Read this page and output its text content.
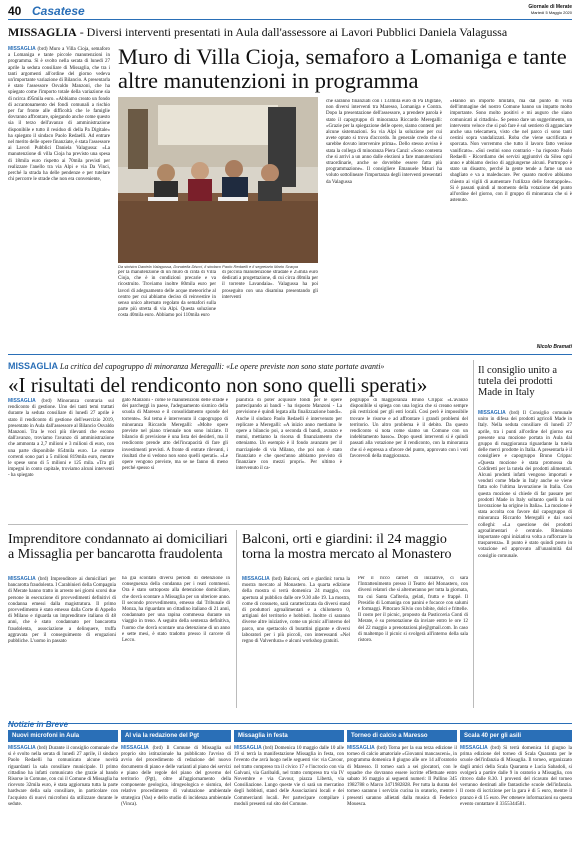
40 Casatese	Giornale di Merate
Martedì 5 Maggio 2020
MISSAGLIA - Diversi interventi presentati in Aula dall'assessore ai Lavori Pubblici Daniela Valagussa
MISSAGLIA (brd) Muro a Villa Cioja, semaforo a Lomaniga e tante piccole manutenzioni in programma. Si è svolto nella serata di lunedì 27 aprile la seduta consiliare di Missaglia, che tra i tanti argomenti all'ordine del giorno vedeva un'importante variazione di Bilancio. A presentarla è stato l'assessore Osvaldo Manzoni, che ha spiegato come l'importo totale della variazione sia di ncirca 495mila euro. «Abbiamo creato un fondo di accantonamento dei fondi comunali a rischio per far fronte alle difficoltà che le famiglie dovranno affrontare, spiegando anche come questo sia il terzo dell'avanzo di amministrazione disponibile e tutto il residuo di della Pa Digitale» ha spiegato il sindaco Paolo Redaelli. Ad entrare nel merito delle opere finanziate, è stata l'assessore ai Lavori Pubblici Daniela Valagussa: «La manutenzione di villa Cioja ha previsto una spesa di 18mila euro rispetto ai 70mila previsti per realizzare l'anello tra via Alpi e via Da Vinci, perché la strada ha delle pendenze e per tutelare chi percorre le strade che non era conveniente,
Muro di Villa Cioja, semaforo a Lomaniga e tante altre manutenzioni in programma
Da sinistra Daniela Valagussa, Donatella Discci, il sindaco Paolo Redaelli e il segretario Mario Scarpa
per la manutenzione di un muro di cinta di Villa Cioja, che è in condizioni precarie e va ricostruito. Troviamo inoltre 80mila euro per lavori di adeguamento delle acque meteoriche al centro per cui abbiamo deciso di reinvestire in senso unico alternato regolato da semafori sulla parte più stretta di via Alpi. Questa soluzione costa 40mila euro. Abbiamo poi 110mila euro
di piccola manutenzione stradale e 25mila euro dedicati a progettazione, di cui circa 40mila per il torrente Lavandaia». Valagussa ha poi proseguito con una disamina presentando gli interventi
che saranno finanziati con i 133mila euro di Pa Digitale, non diversi interventi tra Maresso, Lomaniga e Contra. Dopo la presentazione dell'assessore, a prendere parola è stato il capogruppo di minoranza Riccardo Meregalli: «Grazie per la spiegazione delle opere, siamo contenti per alcune sistemazioni. Su via Alpi la soluzione per cui avete optato si trova d'accordo. In generale credo che si sarebbe dovuto intervenire prima». Dello stesso avviso è stata la collega di minoranza Piera Canzi: «Sono contenta che si arrivi a un anno dalle elezioni a fare manutenzioni straordinarie, anche se dovrebbe essere fatta più programmazione». Il consigliere Emanuele Mauri ha voluto sottolineare l'importanza degli interventi presentati da Valagussa
«Hanno un importo limitato, ma dal punto di vista dell'immagine del nostro Comune hanno un impatto molto importante. Sono molto positivi e mi auguro che siano comunicati ai cittadini». Se penso dare un suggerimento, un intervento veloce che si può fare è sul sentiero di agganciare anche una telecamera, visto che nel parco ci sono tanti cestini sopra vandalizzati. Roba che viene sacrificata e sporcata. Non vorremmo che tutto il lavoro fatto venisse vanificato». «Sui cestini sono contrario - ha risposto Paolo Redaelli - Ricordiamo dei servizi aggiuntivi da Silea ogni anno e abbiamo deciso di aggiungerne alcuni. Purtroppo è stato un disastro, perché la gente tende a farne un uso sbagliato e va a maleducare. Per quanto motivo abbiamo chiesto ai vigili di aumentare l'utilizzo delle fototrappole». Si è passati quindi al momento della votazione del punto all'ordine del giorno, con il gruppo di minoranza che si è astenuto.
Nicolo Bramati
MISSAGLIA La critica del capogruppo di minoranza Meregalli: «Le opere previste non sono state portate avanti»
«I risultati del rendiconto non sono quelli sperati»
MISSAGLIA (brd) Minoranza contraria sul rendiconto di gestione. Uno dei tanti temi trattati durante la seduta consiliare di lunedì 27 aprile è stato il rendiconto di gestione dell'esercizio 2019, presentato in Aula dall'assessore al Bilancio Osvaldo Manzoni. Tra le voci più rilevanti che escono dall'avanzo, troviamo l'avanzo di amministrazione che ammonta a 2,7 milioni e 3 milioni di euro, con una parte disponibile 854mila euro. Le entrate correnti sono pari a 5 milioni 819mila euro, mentre le spese sono di 5 milioni e 125 mila. «Tra gli impegni in conto capitale, troviamo alcuni interventi - ha spiegato
gato Manzoni - come le manutenzioni delle strade e dei parcheggi in paese, l'adeguamento sismico della scuola di Maresso e il consolidamento sponde del torrente». Sul tema è intervenuto il capogruppo di minoranza Riccardo Meregalli: «Molte opere previste nel piano triennale non sono iniziate. Il bilancio di previsione è una lista dei desideri, ma il rendiconto prende atto dell'incapacità di fare gli investimenti previsti. A fronte di entrate rilevanti, i risultati che si vedono non sono quelli sperati». «Le opere vengono previste, ma se ne fanno di meno perché spesso si
pianifica di poter acquisire fondi per le opere partecipando ai bandi - ha risposto Manzoni - La previsione è quindi legata alla finalizzazione bandi». Anche il sindaco Paolo Redaelli è intervenuto per replicare a Meregalli: «A inizio anno mettiamo le opere a bilancio poi, a seconda di bandi, avanzo e mutui, mettiamo la risorsa di finanziamento che otteniamo. Un esempio è il fondo avanzato per il marciapiede di via Milano, che poi non è stato finanziato e che quest'anno abbiamo previsto di finanziare con mezzi propri». Per ultimo è intervenuto il ca-
pogruppo di maggioranza Bruno Crippa: «L'avanzo disponibile si spiega con una logica che si creano sempre più restrizioni per gli enti locali. Così però è impossibile trovare le risorse e ad affrontare i grandi problemi del territorio. Un altro problema è il debito. Da questo rendiconto si nota come siamo un Comune con un indebitamento basso». Dopo questi interventi si è quindi passati alla votazione per il rendiconto, con la minoranza che si è espressa a sfavore del punto, approvato con i voti favorevoli della maggioranza.
Il consiglio unito a tutela dei prodotti Made in Italy
MISSAGLIA (brd) Il Consiglio comunale unito in difesa dei prodotti agricoli Made in Italy. Nella seduta consiliare di lunedì 27 aprile, tra i punti all'ordine del giorno era presente una mozione portata in Aula dal gruppo di maggioranza riguardante la tutela delle merci prodotte in Italia. A presentarla è il consigliere e capogruppo Bruno Crippa: «Questa mozione è stata promossa da Coldiretti per la tutela dei prodotti alimentari. Alcuni prodotti infatti vengono importati e venduti come Made in Italy anche se viene fatta solo l'ultima lavorazione in Italia. Con questa mozione si chiede di far passare per prodotti Made in Italy soltanto quelli la cui lavorazione ha origine in Italia». La mozione è stata accolta con favore dal capogruppo di minoranza Riccardo Meregalli e dai suoi colleghi: «La questione dei prodotti agroalimentari è centrale. Riteniamo importante ogni iniziativa volta a rafforzare la trasparenza». Il punto è stato quindi posto in votazione ed approvato all'unanimità dal consiglio comunale.
Imprenditore condannato ai domiciliari a Missaglia per bancarotta fraudolenta
MISSAGLIA (brd) Imprenditore ai domiciliari per bancarotta fraudolenta. I Carabinieri della Compagnia di Merate hanno tratto in arresto nei giorni scorsi due persone in esecuzione di provvedimenti definitivi di condanna emessi dalla magistratura. Il primo provvedimento è stato emesso dalla Corte di Appello di Milano e riguarda un imprenditore italiano di 48 anni, che è stato condannato per bancarotta fraudolenta, associazione a delinquere, truffa aggravata per il conseguimento di erogazioni pubbliche. L'uomo in passato
ha già scontato diversi periodi di detenzione in conseguenza della condanna per i reati commessi. Ora è stato sottoposto alla detenzione domiciliare, che dovrà scontare a Missaglia per un ulteriore anno. Il secondo provvedimento, emesso dal Tribunale di Monza, ha riguardato un cittadino italiano di 21 anni, condannato per una rapina commessa durante un viaggio in treno. A seguito della sentenza definitiva, l'uomo che dovrà scontare una detenzione di un anno e sette mesi, è stato tradotto presso il carcere di Lecco.
Balconi, orti e giardini: il 24 maggio torna la mostra mercato al Monastero
MISSAGLIA (brd) Balconi, orti e giardini: torna la mostra mercato al Monastero. La quarta edizione della mostra si terrà domenica 24 maggio, con apertura al pubblico dalle ore 9.30 alle 19. La mostra, come di consueto, sarà caratterizzata da diversi stand di produttori agroalimentari e a chilometro 0, artigiani del territorio e hobbisti. Inoltre ci saranno diverse altre iniziative, come un picnic all'interno del parco, uno spettacolo di burattini gigante e diversi laboratori per i più piccoli, con interessanti «Nel regno di Valverdura» e alcuni workshop gratuiti.
Per il ricco carnet di iniziative, ci sarà l'Intrattenimento presso il Teatro del Monastero, con diversi relatori che si alterneranno per tutta la giornata, tra cui Santa Cafiteria, gelati, frutta e frappè. Il Presidio di Lomaniga con panini e focacce con salumi e formaggi. Pittoraro Silvio con bibite, dolci e frittelle. Il costo per il picnic, proposto da Pasticceria Conti di Merate, è su prenotazione da inviare entro le ore 12 del 22 maggio a prenotazioni.ple@gmail.com. In caso di maltempo il picnic si svolgerà all'interno della sala ristoro.
Notizie in Breve
Nuovi microfoni in Aula
MISSAGLIA (brd) Durante il consiglio comunale che si è svolto nella serata di lunedì 27 aprile, il sindaco Paolo Redaelli ha comunicato alcune novità riguardanti la sala consiliare municipale. Il primo cittadino ha infatti comunicato che grazie al bando Risorse in Comune, con cui il Comune di Missaglia ha ricevuto 32mila euro, è stata aggiornata tutta la parte hardware della sala consiliare, in particolare con l'acquisto di nuovi microfoni da utilizzare durante le sedute.
Al via la redazione del Pgt
MISSAGLIA (brd) Il Comune di Missaglia sul proprio sito istituzionale ha pubblicato l'avviso di avvio del procedimento di redazione del nuovo documento di piano e delle varianti al piano dei servizi e piano delle regole del piano del governo del territorio (Pgt), oltre all'aggiornamento della componente geologica, idrogeologica e sismica, del relativo procedimento di valutazione ambientale strategica (Vas) e dello studio di incidenza ambientale (Vinca).
Missaglia in festa
MISSAGLIA (brd) Domenica 10 maggio dalle 10 alle 19 si terrà la manifestazione Missaglia in festa, con l'evento che avrà luogo nelle seguenti vie: via Cavour, nel tratto compreso tra il civico 17 e l'incrocio con via Galvani, via Garibaldi, nel tratto compreso tra via IV Novembre e via Cavour, piazza Libertà, via Consiliazione. Lungo queste vie ci sarà un mercatino degli hobbisti, stand delle Associazioni locali e dei Commercianti locali. Per partecipare compilare i moduli presenti sul sito del Comune.
Torneo di calcio a Maresso
MISSAGLIA (brd) Torna per la sua terza edizione il torneo di calcio amatoriale «Giovanni mancasceni», in programma domenica 8 giugno alle ore 14 all'oratorio di Maresso. Il torneo sarà a sei giocatori, con le squadre che dovranno essere iscritte effettuate entro sabato 16 maggio ai seguenti numeri: Il Pallino 345 1982788 o Marco 3471982828. Per tutta la durata del torneo saranno i servizio cucina in oratorio, mentre i presenti saranno allietati dalla musica di Federico Mouesca.
Scala 40 per gli asili
MISSAGLIA (brd) Si terrà domenica 14 giugno la prima edizione del torneo di Scala Quaranta per le scuole dell'infanzia di Missaglia. Il torneo, organizzato dagli amici della Scala Quaranta e Lucia Sabadoli, si svolgerà a partire dalle 9 in oratorio a Missaglia, con ritrovo dalle 8.30. I proventi del ricavato del torneo verranno destinati alle fantastiche scuole dell'infanzia. Il costo di iscrizione per la gara è di 5 euro, mentre il pranzo è di 15 euro. Per ottenere informazioni su questa evento contattare il 3355344581.
